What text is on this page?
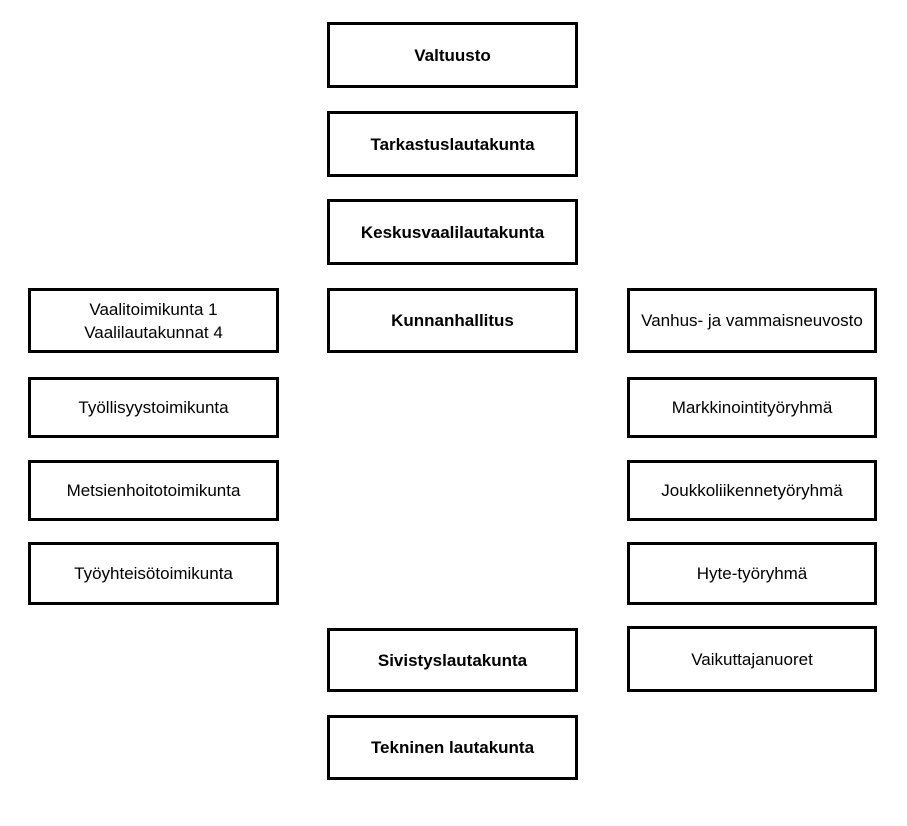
Valtuusto
Tarkastuslautakunta
Keskusvaalilautakunta
Kunnanhallitus
Sivistyslautakunta
Tekninen lautakunta
Vaalitoimikunta 1
Vaalilautakunnat 4
Työllisyystoimikunta
Metsienhoitotoimikunta
Työyhteisötoimikunta
Vanhus- ja vammaisneuvosto
Markkinointityöryhmä
Joukkoliikennetyöryhmä
Hyte-työryhmä
Vaikuttajanuoret
